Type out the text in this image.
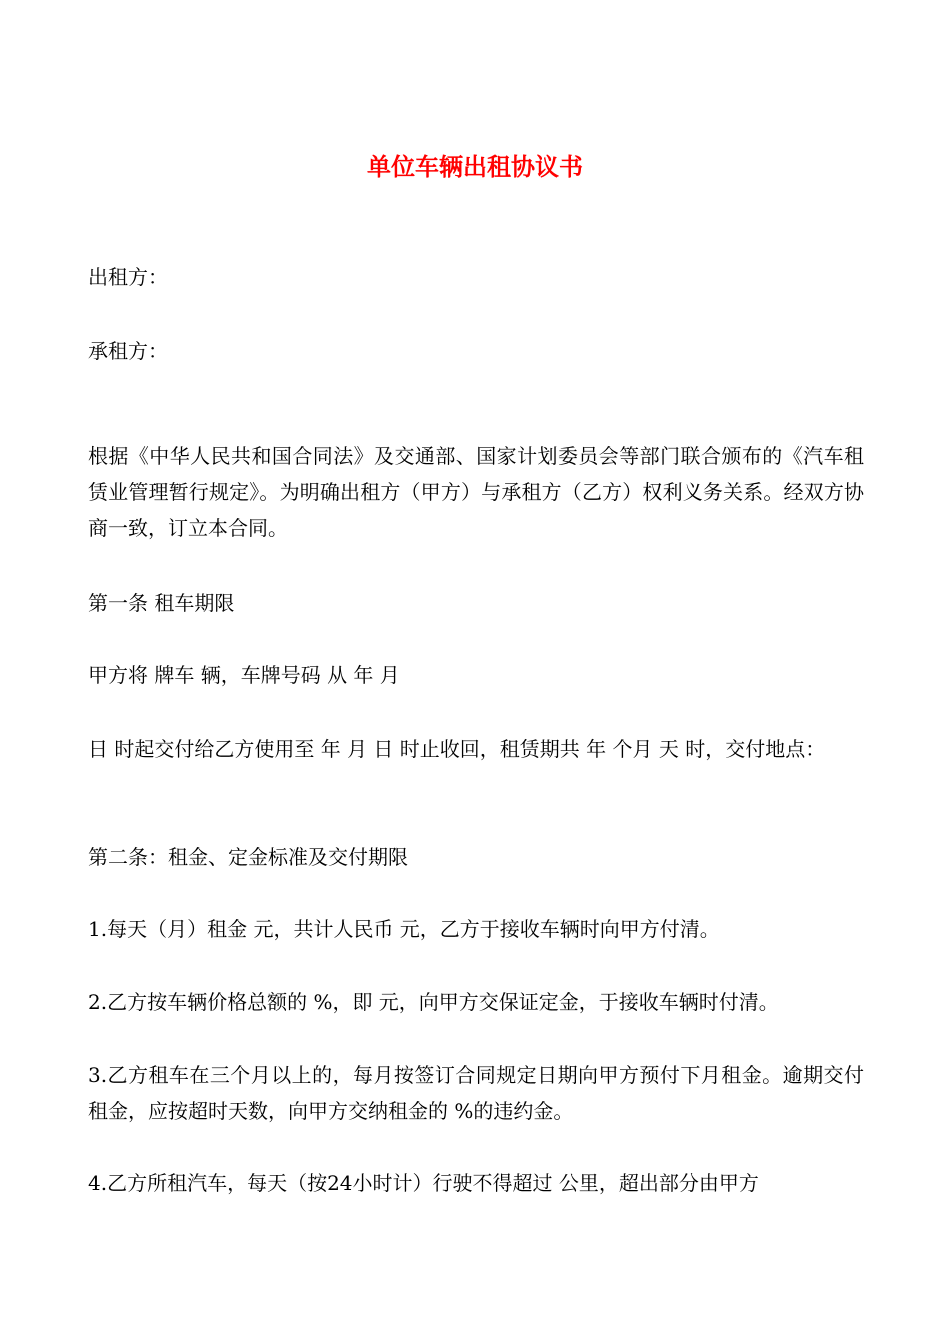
单位车辆出租协议书

出租方：

承租方：

根据《中华人民共和国合同法》及交通部、国家计划委员会等部门联合颁布的《汽车租赁业管理暂行规定》。为明确出租方（甲方）与承租方（乙方）权利义务关系。经双方协商一致，订立本合同。

第一条 租车期限

甲方将 牌车 辆，车牌号码 从 年 月

日 时起交付给乙方使用至 年 月 日 时止收回，租赁期共 年 个月 天 时，交付地点：

第二条：租金、定金标准及交付期限

1.每天（月）租金 元，共计人民币 元，乙方于接收车辆时向甲方付清。

2.乙方按车辆价格总额的 %，即 元，向甲方交保证定金，于接收车辆时付清。

3.乙方租车在三个月以上的，每月按签订合同规定日期向甲方预付下月租金。逾期交付租金，应按超时天数，向甲方交纳租金的 %的违约金。

4.乙方所租汽车，每天（按24小时计）行驶不得超过 公里，超出部分由甲方
